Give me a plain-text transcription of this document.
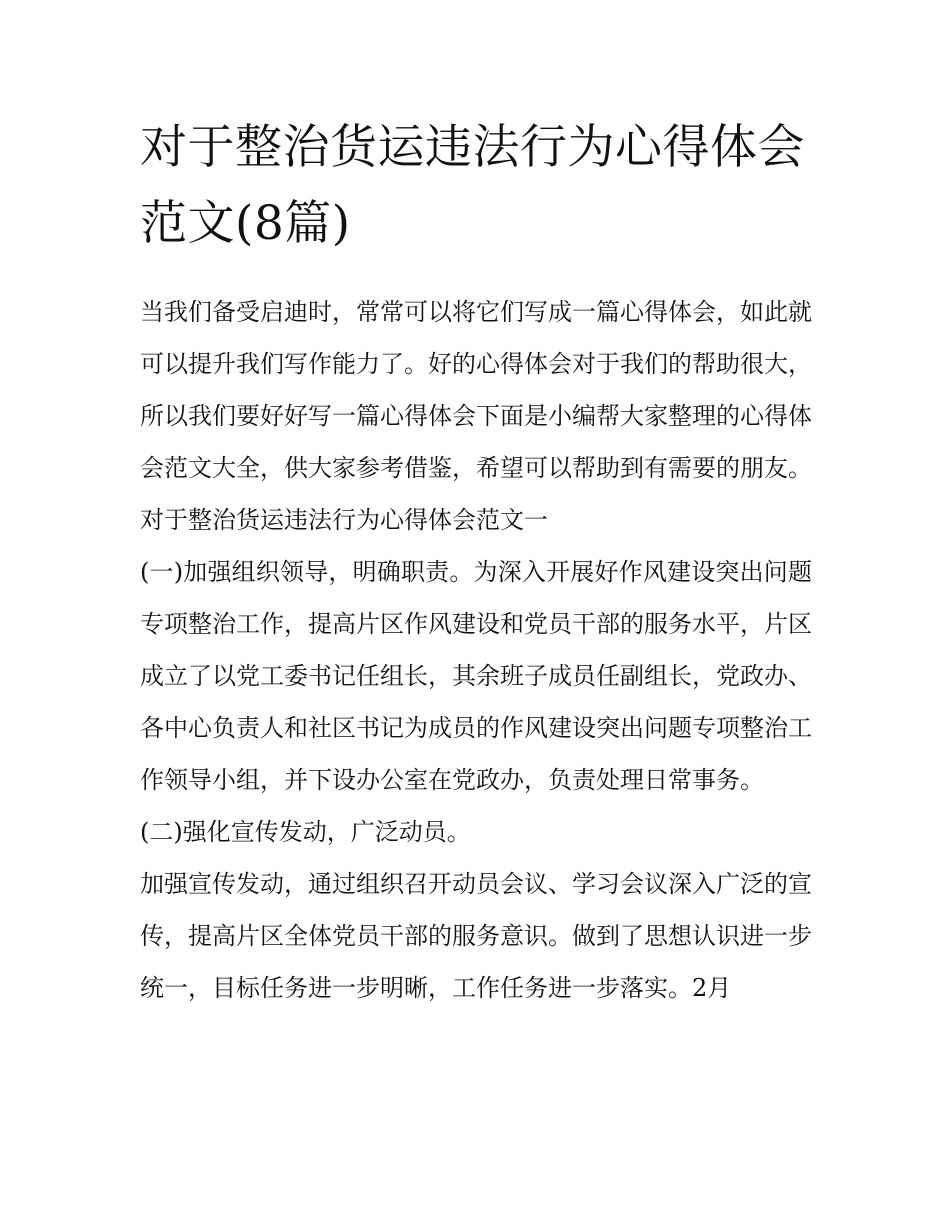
对于整治货运违法行为心得体会范文(8篇)

当我们备受启迪时，常常可以将它们写成一篇心得体会，如此就可以提升我们写作能力了。好的心得体会对于我们的帮助很大，所以我们要好好写一篇心得体会下面是小编帮大家整理的心得体会范文大全，供大家参考借鉴，希望可以帮助到有需要的朋友。

对于整治货运违法行为心得体会范文一

(一)加强组织领导，明确职责。为深入开展好作风建设突出问题专项整治工作，提高片区作风建设和党员干部的服务水平，片区成立了以党工委书记任组长，其余班子成员任副组长，党政办、各中心负责人和社区书记为成员的作风建设突出问题专项整治工作领导小组，并下设办公室在党政办，负责处理日常事务。

(二)强化宣传发动，广泛动员。

加强宣传发动，通过组织召开动员会议、学习会议深入广泛的宣传，提高片区全体党员干部的服务意识。做到了思想认识进一步统一，目标任务进一步明晰，工作任务进一步落实。2月
